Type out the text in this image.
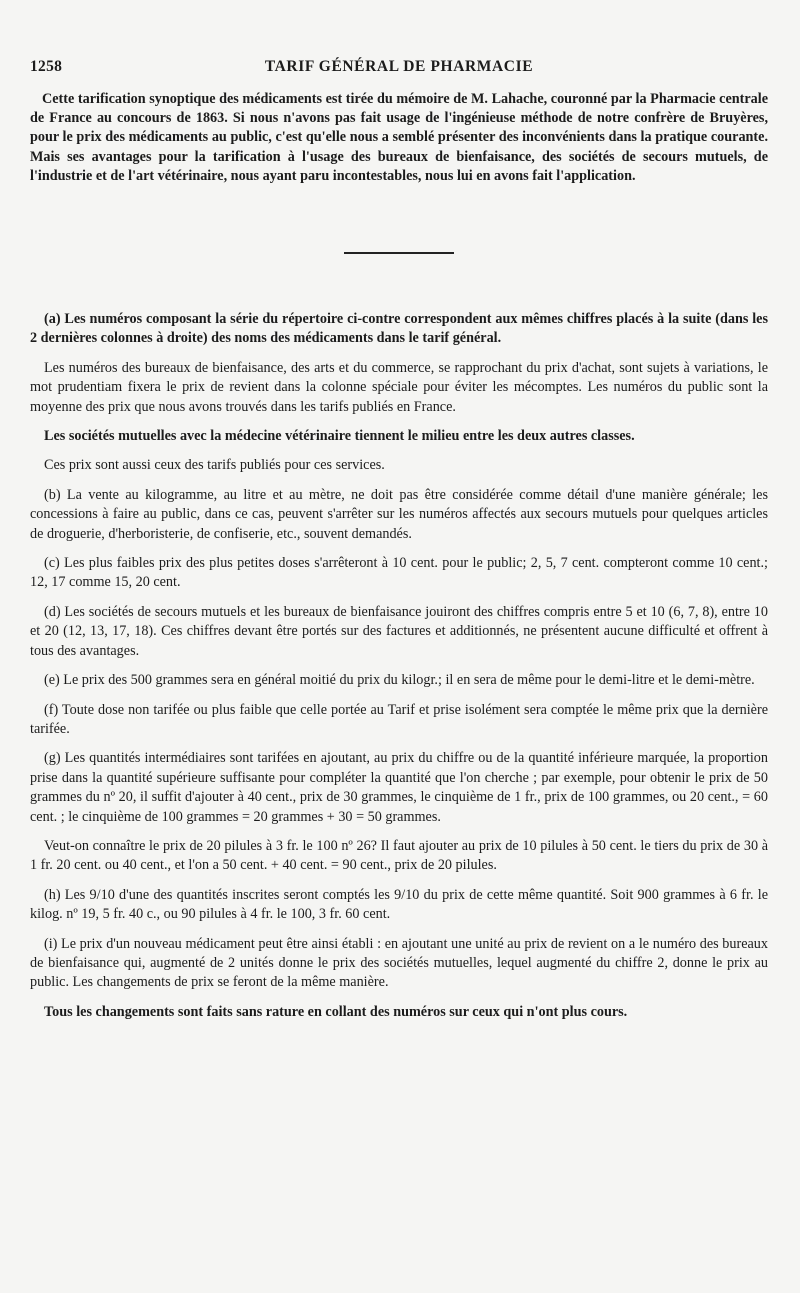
1258	TARIF GÉNÉRAL DE PHARMACIE

Cette tarification synoptique des médicaments est tirée du mémoire de M. Lahache, couronné par la Pharmacie centrale de France au concours de 1863. Si nous n'avons pas fait usage de l'ingénieuse méthode de notre confrère de Bruyères, pour le prix des médicaments au public, c'est qu'elle nous a semblé présenter des inconvénients dans la pratique courante. Mais ses avantages pour la tarification à l'usage des bureaux de bienfaisance, des sociétés de secours mutuels, de l'industrie et de l'art vétérinaire, nous ayant paru incontestables, nous lui en avons fait l'application.

(a) Les numéros composant la série du répertoire ci-contre correspondent aux mêmes chiffres placés à la suite (dans les 2 dernières colonnes à droite) des noms des médicaments dans le tarif général.

Les numéros des bureaux de bienfaisance, des arts et du commerce, se rapprochant du prix d'achat, sont sujets à variations, le mot prudentiam fixera le prix de revient dans la colonne spéciale pour éviter les mécomptes. Les numéros du public sont la moyenne des prix que nous avons trouvés dans les tarifs publiés en France.

Les sociétés mutuelles avec la médecine vétérinaire tiennent le milieu entre les deux autres classes.

Ces prix sont aussi ceux des tarifs publiés pour ces services.

(b) La vente au kilogramme, au litre et au mètre, ne doit pas être considérée comme détail d'une manière générale; les concessions à faire au public, dans ce cas, peuvent s'arrêter sur les numéros affectés aux secours mutuels pour quelques articles de droguerie, d'herboristerie, de confiserie, etc., souvent demandés.

(c) Les plus faibles prix des plus petites doses s'arrêteront à 10 cent. pour le public; 2, 5, 7 cent. compteront comme 10 cent.; 12, 17 comme 15, 20 cent.

(d) Les sociétés de secours mutuels et les bureaux de bienfaisance jouiront des chiffres compris entre 5 et 10 (6, 7, 8), entre 10 et 20 (12, 13, 17, 18). Ces chiffres devant être portés sur des factures et additionnés, ne présentent aucune difficulté et offrent à tous des avantages.

(e) Le prix des 500 grammes sera en général moitié du prix du kilogr.; il en sera de même pour le demi-litre et le demi-mètre.

(f) Toute dose non tarifée ou plus faible que celle portée au Tarif et prise isolément sera comptée le même prix que la dernière tarifée.

(g) Les quantités intermédiaires sont tarifées en ajoutant, au prix du chiffre ou de la quantité inférieure marquée, la proportion prise dans la quantité supérieure suffisante pour compléter la quantité que l'on cherche ; par exemple, pour obtenir le prix de 50 grammes du nº 20, il suffit d'ajouter à 40 cent., prix de 30 grammes, le cinquième de 1 fr., prix de 100 grammes, ou 20 cent., = 60 cent. ; le cinquième de 100 grammes = 20 grammes + 30 = 50 grammes.

Veut-on connaître le prix de 20 pilules à 3 fr. le 100 nº 26? Il faut ajouter au prix de 10 pilules à 50 cent. le tiers du prix de 30 à 1 fr. 20 cent. ou 40 cent., et l'on a 50 cent. + 40 cent. = 90 cent., prix de 20 pilules.

(h) Les 9/10 d'une des quantités inscrites seront comptés les 9/10 du prix de cette même quantité. Soit 900 grammes à 6 fr. le kilog. nº 19, 5 fr. 40 c., ou 90 pilules à 4 fr. le 100, 3 fr. 60 cent.

(i) Le prix d'un nouveau médicament peut être ainsi établi : en ajoutant une unité au prix de revient on a le numéro des bureaux de bienfaisance qui, augmenté de 2 unités donne le prix des sociétés mutuelles, lequel augmenté du chiffre 2, donne le prix au public. Les changements de prix se feront de la même manière.

Tous les changements sont faits sans rature en collant des numéros sur ceux qui n'ont plus cours.
